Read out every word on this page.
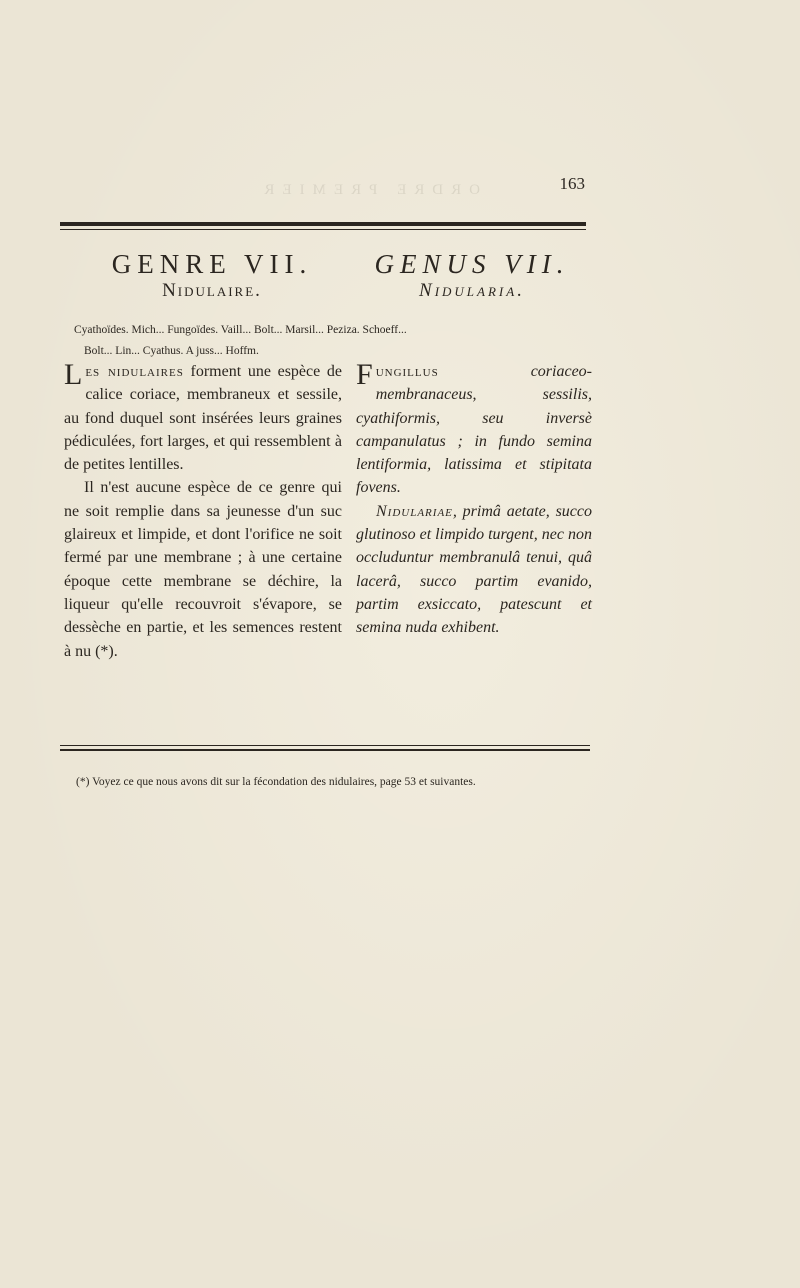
ORDRE PREMIER	163
GENRE VII.	GENUS VII.
Nidulaire.	Nidularia.
Cyathoïdes. Mich... Fungoïdes. Vaill... Bolt... Marsil... Peziza. Schoeff...
Bolt... Lin... Cyathus. A juss... Hoffm.

Les nidulaires forment une espèce de calice coriace, membraneux et sessile, au fond duquel sont insérées leurs graines pédiculées, fort larges, et qui ressemblent à de petites lentilles.

Il n'est aucune espèce de ce genre qui ne soit remplie dans sa jeunesse d'un suc glaireux et limpide, et dont l'orifice ne soit fermé par une membrane ; à une certaine époque cette membrane se déchire, la liqueur qu'elle recouvroit s'évapore, se dessèche en partie, et les semences restent à nu (*).

Fungillus coriaceo-membranaceus, sessilis, cyathiformis, seu inversè campanulatus ; in fundo semina lentiformia, latissima et stipitata fovens.

Nidulariae, primâ aetate, succo glutinoso et limpido turgent, nec non occluduntur membranulâ tenui, quâ lacerâ, succo partim evanido, partim exsiccato, patescunt et semina nuda exhibent.

(*) Voyez ce que nous avons dit sur la fécondation des nidulaires, page 53 et suivantes.
